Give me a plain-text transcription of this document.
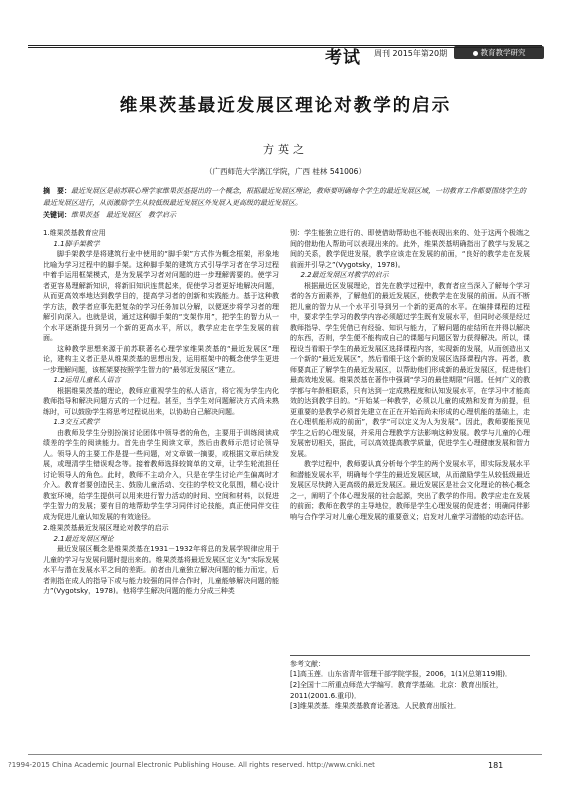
考试 周刊 2015年第20期	教育教学研究
维果茨基最近发展区理论对教学的启示
方英之
（广西师范大学漓江学院，广西 桂林 541006）
摘　要：最近发展区是前苏联心理学家维果茨基提出的一个概念，根据最近发展区理论，教师要明确每个学生的最近发展区域，一切教育工作都要围绕学生的最近发展区进行，从而激励学生从较低级最近发展区外发展入更高级的最近发展区。
关键词：维果茨基　最近发展区　教学启示

1.维果茨基教育应用

1.1脚手架教学

脚手架教学是将建筑行业中使用的“脚手架”方式作为概念框架，形象地比喻为学习过程中的脚手架。这种脚手架的建筑方式引导学习者在学习过程中着手运用框架模式，是为发展学习者对问题的进一步理解需要的。使学习者更容易理解新知识，将新旧知识连贯起来，促使学习者更好地解决问题，从而更高效率地达到教学目的，提高学习者的创新和实践能力。基于这种教学方法，教学者应事先把复杂的学习任务加以分解，以便逐步将学习者的理解引向深入。也就是说，通过这种脚手架的“支架作用”，把学生的智力从一个水平逐渐提升到另一个新的更高水平，所以，教学应走在学生发展的前面。

这种教学思想来源于前苏联著名心理学家维果茨基的“最近发展区”理论，建构主义者正是从维果茨基的思想出发，运用框架中的概念使学生更进一步理解问题，该框架要按照学生智力的“最邻近发展区”建立。

1.2运用儿童私人语言

根据维果茨基的理论，教师应重视学生的私人语言，将它视为学生内化教师指导和解决问题方式的一个过程。甚至，当学生对问题解决方式尚未熟练时，可以鼓励学生将思考过程说出来，以协助自己解决问题。

1.3交互式教学

由教师及学生分别扮演讨论团体中领导者的角色，主要用于训练阅读成绩差的学生的阅读能力。首先由学生阅读文章，然后由教师示范讨论领导人。领导人的主要工作是提一些问题，对文章做一摘要，或根据文章后续发展，或理清学生错误观念等。接着教师选择较简单的文章，让学生轮流担任讨论领导人的角色。此时，教师不主动介入，只是在学生讨论产生偏离时才介入。教育者要创造民主、鼓励儿童活动、交往的学校文化氛围，精心设计教室环境，给学生提供可以用来进行智力活动的时间、空间和材料，以促进学生智力的发展；要有目的地帮助学生学习同伴讨论技能，真正使同伴交往成为促进儿童认知发展的有效途径。

2.维果茨基最近发展区理论对教学的启示

2.1最近发展区理论

最近发展区概念是维果茨基在1931－1932年将总的发展学规律应用于儿童的学习与发展问题时提出来的。维果茨基将最近发展区定义为“实际发展水平与潜在发展水平之间的差距。前者由儿童独立解决问题的能力而定，后者则指在成人的指导下或与能力较强的同伴合作时，儿童能够解决问题的能力”(Vygotsky，1978)。他将学生解决问题的能力分成三种类

别：学生能独立进行的、即使借助帮助也不能表现出来的、处于这两个极端之间的借助他人帮助可以表现出来的。此外，维果茨基明确指出了教学与发展之间的关系，教学促进发展，教学应该走在发展的前面，“良好的教学走在发展前面并引导之”(Vygotsky，1978)。

2.2最近发展区对教学的启示

根据最近区发展理论，首先在教学过程中，教育者应当深入了解每个学习者的各方面素养，了解他们的最近发展区，使教学走在发展的前面。从而不断把儿童的智力从一个水平引导到另一个新的更高的水平。在编排课程的过程中，要求学生学习的教学内容必须超过学生既有发展水平，但同时必须是经过教师指导、学生凭借已有经验、知识与能力，了解问题的症结所在并得以解决的东西，否则，学生便不能构成自己的课题与问题区智力获得解决。所以，课程设当看眼于学生的最近发展区选择课程内容，实现新的发展，从而创造出又一个新的“最近发展区”，然后看眼于这个新的发展区选择课程内容。再者，教师要真正了解学生的最近发展区，以帮助他们形成新的最近发展区，促进他们最高效地发展。维果茨基在著作中强调“学习的最佳期限”问题。任何广义的教学都与年龄相联系，只有达到一定成熟程度和认知发展水平，在学习中才能高效的达到教学目的。“开始某一种教学，必须以儿童的成熟和发育为前提，但更重要的是教学必须首先建立在正在开始而尚未形成的心理机能的基础上，走在心理机能形成的前面”，教学“可以定义为人为发展”。因此，教师要能预见学生之后的心理发展，并采用合理教学方法影响这种发展。教学与儿童的心理发展密切相关，据此，可以高效提高教学质量，促进学生心理健康发展和智力发展。

教学过程中，教师要认真分析每个学生的两个发展水平，即实际发展水平和潜能发展水平，明确每个学生的最近发展区域，从而激励学生从较低级最近发展区尽快跨入更高级的最近发展区。最近发展区是社会文化理论的核心概念之一，阐明了个体心理发展的社会起源，突出了教学的作用。教学应走在发展的前面；教师在教学的主导地位，教师是学生心理发展的促进者；明确同伴影响与合作学习对儿童心理发展的重要意义；启发对儿童学习潜能的动态评估。

参考文献：
[1]高玉莲．山东省青年管理干部学院学报，2006，1(1)(总第119期)．
[2]全国十二所重点师范大学编写．教育学基础．北京：教育出版社，2011(2001.6.重印)．
[3]维果茨基．维果茨基教育论著选．人民教育出版社．
?1994-2015 China Academic Journal Electronic Publishing House. All rights reserved. http://www.cnki.net	181
